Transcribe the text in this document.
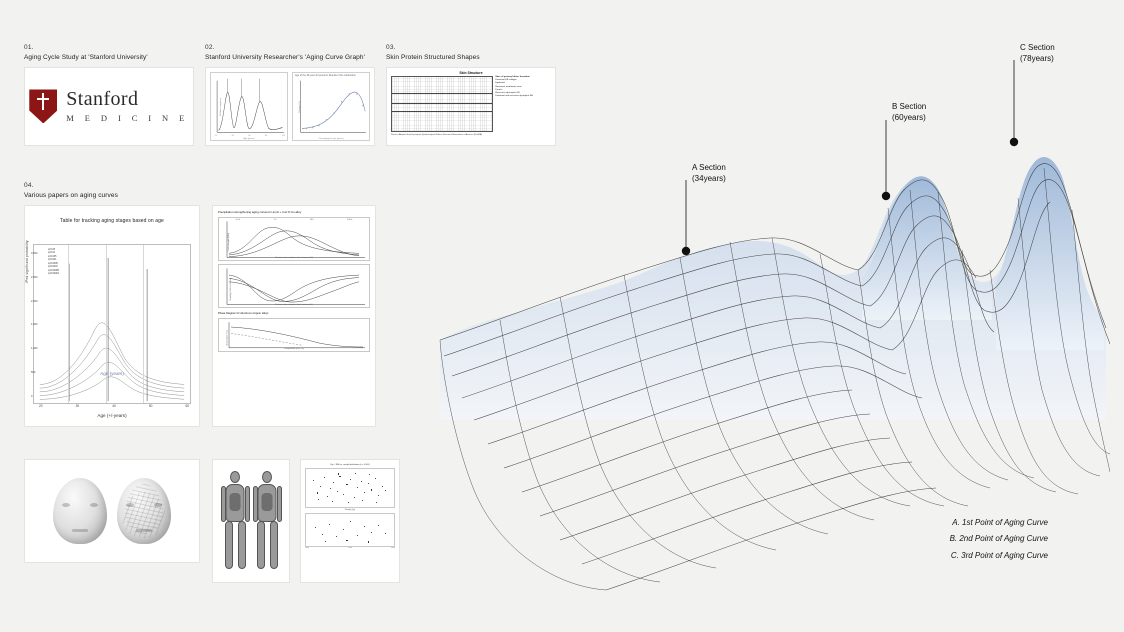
01.
Aging Cycle Study at 'Stanford University'
Stanford
M E D I C I N E
02.
Stanford University Researcher's 'Aging Curve Graph'
Relative frequency
Age (years)
20	40	60	80	100
Age of the 30-year old persons' Results of the subtraction
Change (%)
Chronological age (years)
03.
Skin Protein Structured Shapes
Skin Structure
Sites of primary blister formation
Dominant EB subtype
Epidermis
Basement membrane zone
Dermis
Recessive dystrophic EB
Dominant and recessive dystrophic EB
Source: Adapted from Dystrophic Epidermolysis Bullosa Research Association of America (DebRA).
04.
Various papers on aging curves
Table for tracking aging stages based on age
q=0.05
q=0.01
q=0.005
q=0.001
q=0.0005
q=0.0001
q=0.00005
q=0.00001
3,000
2,500
2,000
1,500
1,000
500
0
IPed significant probability
20	30	40	50	60
Age (years)
Age (+/-years)
Precipitation strengthening aging curves for an Al + 4 wt.% Cu alloy
0.5 h	1 h	10 h	100 h
Yield strength (MPa)
Duration of precipitation heat treatment (h)
Ductility (% EL in 50 mm)
Duration of precipitation heat treatment (h)
Phase Diagram for Aluminum-Copper alloys
Temperature (°C)
Composition (wt% Cu)
Fig. 1 BMI vs. weight distribution (n = 1,000)
Weight (kg)
1000	2000	3000
A Section
(34years)
B Section
(60years)
C Section
(78years)
A. 1st Point of Aging Curve
B. 2nd Point of Aging Curve
C. 3rd Point of Aging Curve
